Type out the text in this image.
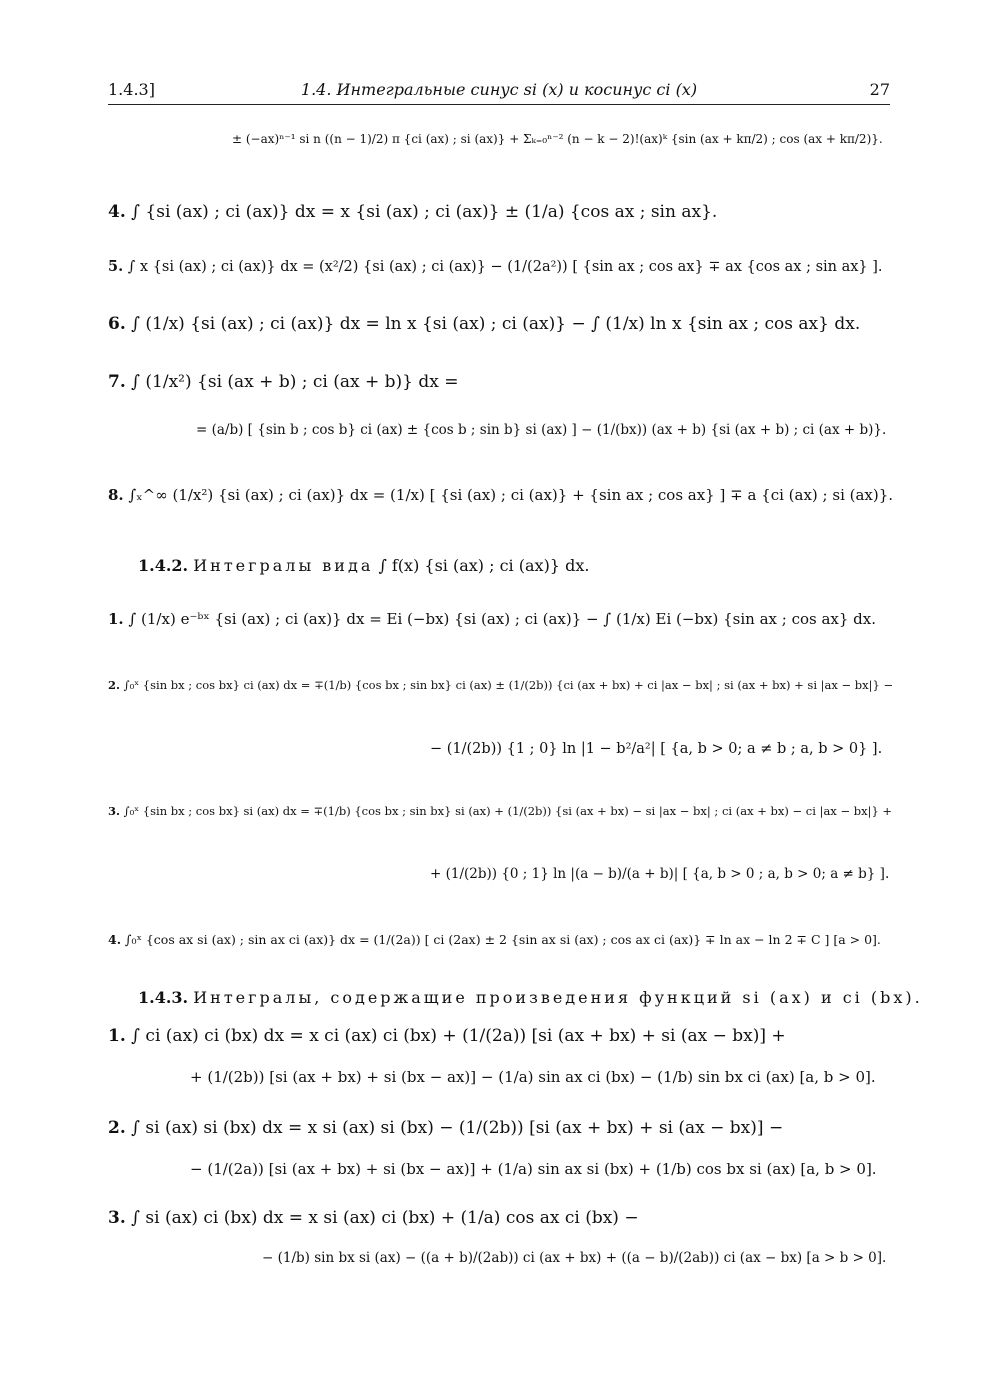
1.4.3]	1.4. Интегральные синус si (x) и косинус ci (x)	27
± (−ax)ⁿ⁻¹ si n ((n − 1)/2) π {ci (ax) ; si (ax)} + Σₖ₌₀ⁿ⁻² (n − k − 2)!(ax)ᵏ {sin (ax + kπ/2) ; cos (ax + kπ/2)}.
4. ∫ {si (ax) ; ci (ax)} dx = x {si (ax) ; ci (ax)} ± (1/a) {cos ax ; sin ax}.
5. ∫ x {si (ax) ; ci (ax)} dx = (x²/2) {si (ax) ; ci (ax)} − (1/(2a²)) [ {sin ax ; cos ax} ∓ ax {cos ax ; sin ax} ].
6. ∫ (1/x) {si (ax) ; ci (ax)} dx = ln x {si (ax) ; ci (ax)} − ∫ (1/x) ln x {sin ax ; cos ax} dx.
7. ∫ (1/x²) {si (ax + b) ; ci (ax + b)} dx =
= (a/b) [ {sin b ; cos b} ci (ax) ± {cos b ; sin b} si (ax) ] − (1/(bx)) (ax + b) {si (ax + b) ; ci (ax + b)}.
8. ∫ₓ^∞ (1/x²) {si (ax) ; ci (ax)} dx = (1/x) [ {si (ax) ; ci (ax)} + {sin ax ; cos ax} ] ∓ a {ci (ax) ; si (ax)}.
1.4.2. Интегралы вида ∫ f(x) {si (ax) ; ci (ax)} dx.
1. ∫ (1/x) e⁻ᵇˣ {si (ax) ; ci (ax)} dx = Ei (−bx) {si (ax) ; ci (ax)} − ∫ (1/x) Ei (−bx) {sin ax ; cos ax} dx.
2. ∫₀ˣ {sin bx ; cos bx} ci (ax) dx = ∓(1/b) {cos bx ; sin bx} ci (ax) ± (1/(2b)) {ci (ax + bx) + ci |ax − bx| ; si (ax + bx) + si |ax − bx|} −
− (1/(2b)) {1 ; 0} ln |1 − b²/a²| [ {a, b > 0; a ≠ b ; a, b > 0} ].
3. ∫₀ˣ {sin bx ; cos bx} si (ax) dx = ∓(1/b) {cos bx ; sin bx} si (ax) + (1/(2b)) {si (ax + bx) − si |ax − bx| ; ci (ax + bx) − ci |ax − bx|} +
+ (1/(2b)) {0 ; 1} ln |(a − b)/(a + b)| [ {a, b > 0 ; a, b > 0; a ≠ b} ].
4. ∫₀ˣ {cos ax si (ax) ; sin ax ci (ax)} dx = (1/(2a)) [ ci (2ax) ± 2 {sin ax si (ax) ; cos ax ci (ax)} ∓ ln ax − ln 2 ∓ C ] [a > 0].
1.4.3. Интегралы, содержащие произведения функций si (ax) и ci (bx).
1. ∫ ci (ax) ci (bx) dx = x ci (ax) ci (bx) + (1/(2a)) [si (ax + bx) + si (ax − bx)] +
+ (1/(2b)) [si (ax + bx) + si (bx − ax)] − (1/a) sin ax ci (bx) − (1/b) sin bx ci (ax) [a, b > 0].
2. ∫ si (ax) si (bx) dx = x si (ax) si (bx) − (1/(2b)) [si (ax + bx) + si (ax − bx)] −
− (1/(2a)) [si (ax + bx) + si (bx − ax)] + (1/a) sin ax si (bx) + (1/b) cos bx si (ax) [a, b > 0].
3. ∫ si (ax) ci (bx) dx = x si (ax) ci (bx) + (1/a) cos ax ci (bx) −
− (1/b) sin bx si (ax) − ((a + b)/(2ab)) ci (ax + bx) + ((a − b)/(2ab)) ci (ax − bx) [a > b > 0].
